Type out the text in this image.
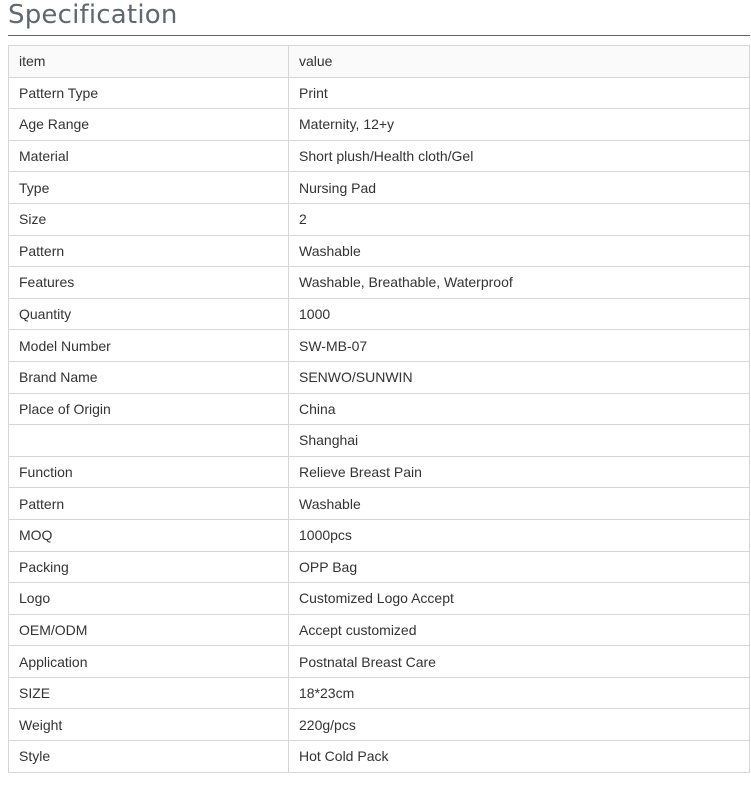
Specification
item	value
Pattern Type	Print
Age Range	Maternity, 12+y
Material	Short plush/Health cloth/Gel
Type	Nursing Pad
Size	2
Pattern	Washable
Features	Washable, Breathable, Waterproof
Quantity	1000
Model Number	SW-MB-07
Brand Name	SENWO/SUNWIN
Place of Origin	China
	Shanghai
Function	Relieve Breast Pain
Pattern	Washable
MOQ	1000pcs
Packing	OPP Bag
Logo	Customized Logo Accept
OEM/ODM	Accept customized
Application	Postnatal Breast Care
SIZE	18*23cm
Weight	220g/pcs
Style	Hot Cold Pack
